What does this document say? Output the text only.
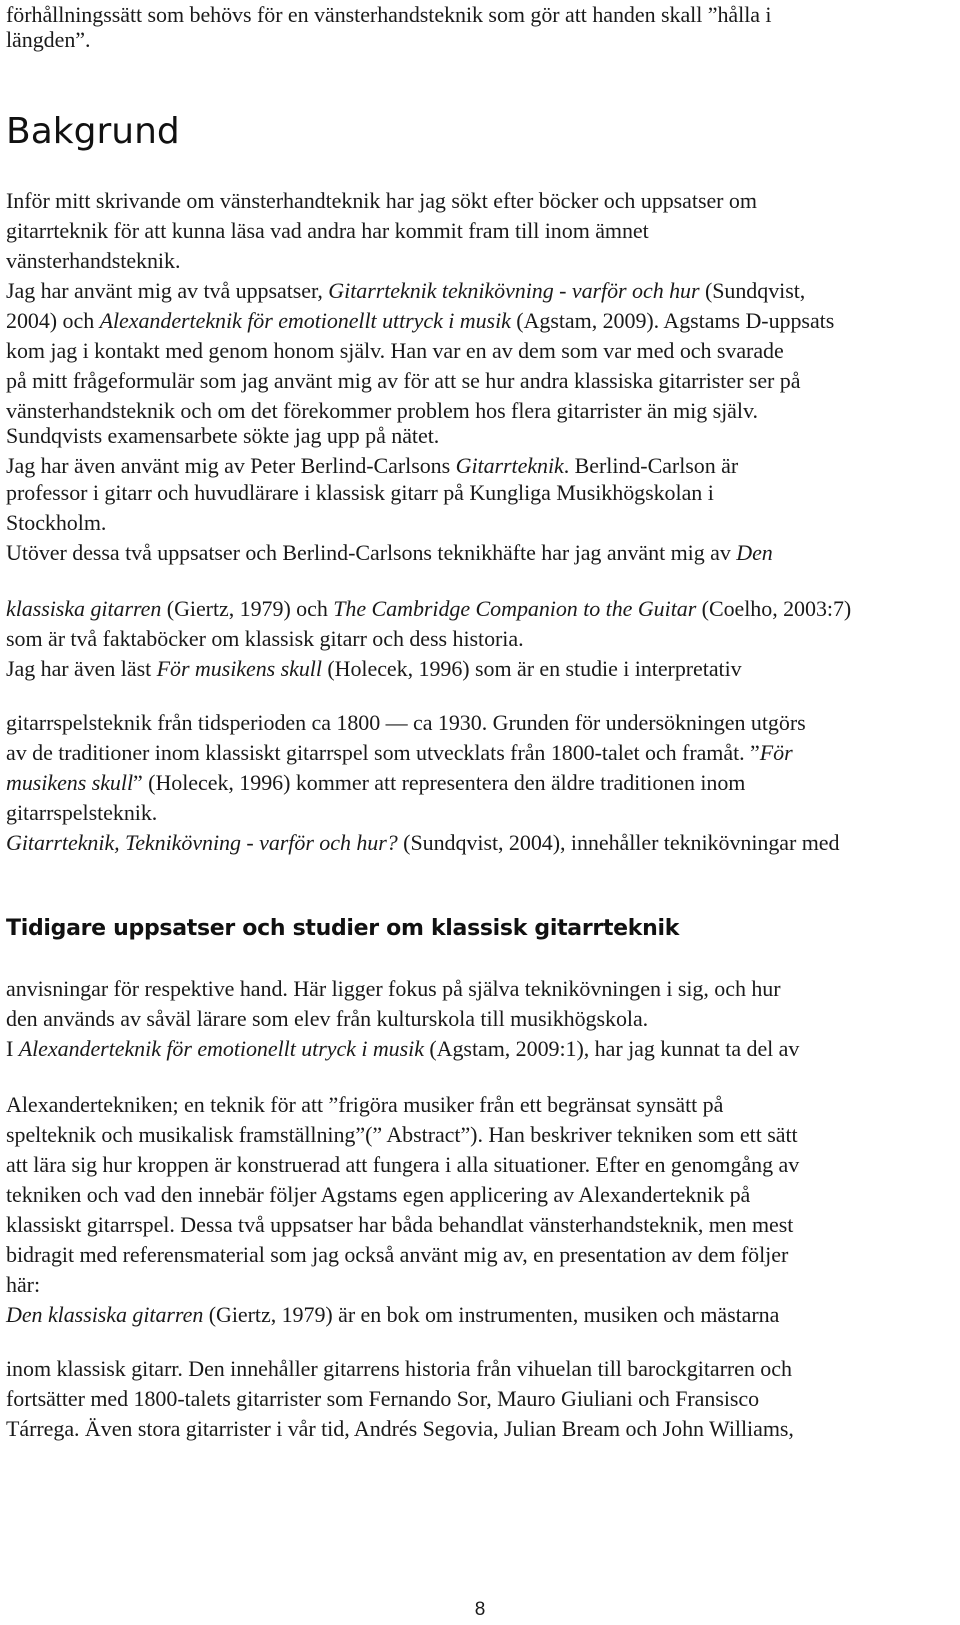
förhållningssätt som behövs för en vänsterhandsteknik som gör att handen skall ”hålla i

längden”.

Inför mitt skrivande om vänsterhandteknik har jag sökt efter böcker och uppsatser om

gitarrteknik för att kunna läsa vad andra har kommit fram till inom ämnet

vänsterhandsteknik.

Jag har använt mig av två uppsatser, Gitarrteknik teknikövning - varför och hur (Sundqvist,

2004) och Alexanderteknik för emotionellt uttryck i musik (Agstam, 2009). Agstams D-uppsats

kom jag i kontakt med genom honom själv. Han var en av dem som var med och svarade

på mitt frågeformulär som jag använt mig av för att se hur andra klassiska gitarrister ser på

vänsterhandsteknik och om det förekommer problem hos flera gitarrister än mig själv.

Sundqvists examensarbete sökte jag upp på nätet.

Jag har även använt mig av Peter Berlind-Carlsons Gitarrteknik. Berlind-Carlson är

professor i gitarr och huvudlärare i klassisk gitarr på Kungliga Musikhögskolan i

Stockholm.

Utöver dessa två uppsatser och Berlind-Carlsons teknikhäfte har jag använt mig av Den

klassiska gitarren (Giertz, 1979) och The Cambridge Companion to the Guitar (Coelho, 2003:7)

som är två faktaböcker om klassisk gitarr och dess historia.

Jag har även läst För musikens skull (Holecek, 1996) som är en studie i interpretativ

gitarrspelsteknik från tidsperioden ca 1800 — ca 1930. Grunden för undersökningen utgörs

av de traditioner inom klassiskt gitarrspel som utvecklats från 1800-talet och framåt. ”För

musikens skull” (Holecek, 1996) kommer att representera den äldre traditionen inom

gitarrspelsteknik.

Gitarrteknik, Teknikövning - varför och hur? (Sundqvist, 2004), innehåller teknikövningar med

anvisningar för respektive hand. Här ligger fokus på själva teknikövningen i sig, och hur

den används av såväl lärare som elev från kulturskola till musikhögskola.

I Alexanderteknik för emotionellt utryck i musik (Agstam, 2009:1), har jag kunnat ta del av

Alexandertekniken; en teknik för att ”frigöra musiker från ett begränsat synsätt på

spelteknik och musikalisk framställning”(” Abstract”). Han beskriver tekniken som ett sätt

att lära sig hur kroppen är konstruerad att fungera i alla situationer. Efter en genomgång av

tekniken och vad den innebär följer Agstams egen applicering av Alexanderteknik på

klassiskt gitarrspel. Dessa två uppsatser har båda behandlat vänsterhandsteknik, men mest

bidragit med referensmaterial som jag också använt mig av, en presentation av dem följer

här:

Den klassiska gitarren (Giertz, 1979) är en bok om instrumenten, musiken och mästarna

inom klassisk gitarr. Den innehåller gitarrens historia från vihuelan till barockgitarren och

fortsätter med 1800-talets gitarrister som Fernando Sor, Mauro Giuliani och Fransisco

Tárrega. Även stora gitarrister i vår tid, Andrés Segovia, Julian Bream och John Williams,

Bakgrund
Tidigare uppsatser och studier om klassisk gitarrteknik
8
